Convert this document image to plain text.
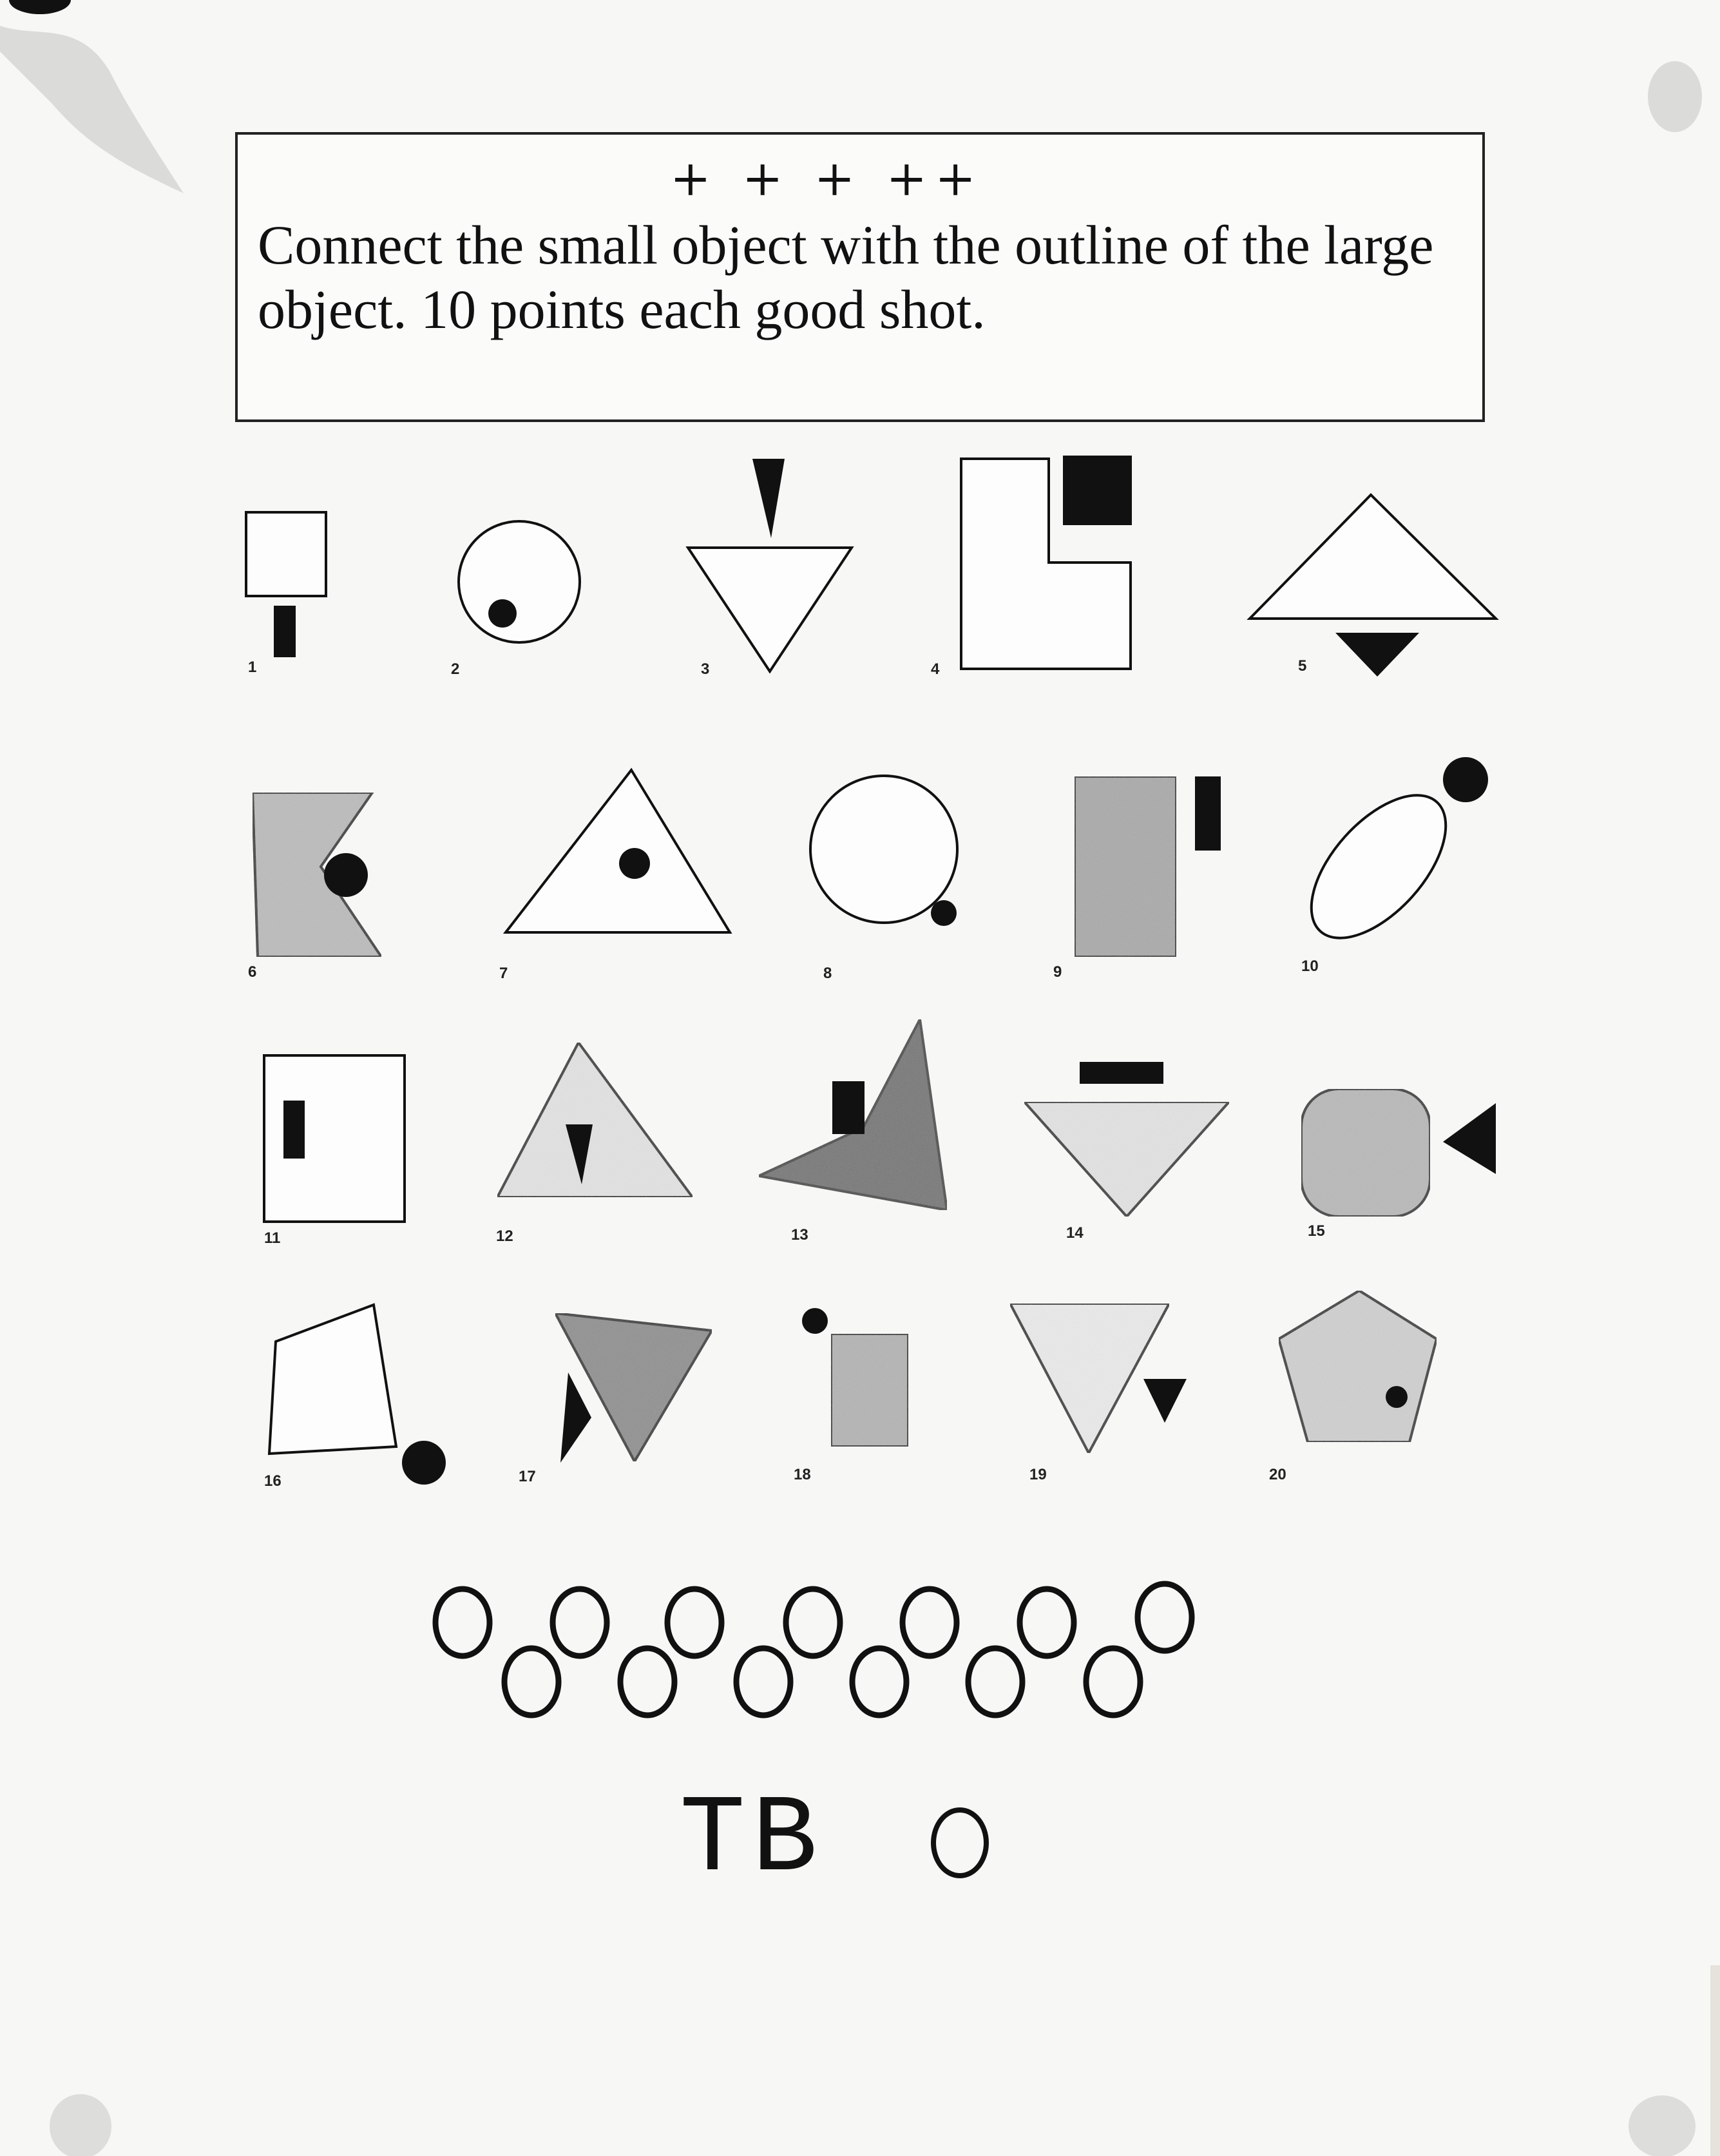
+ + + ++
Connect the small object with the outline of the large object. 10 points each good shot.
1	2	3	4	5
6	7	8	9	10
11	12	13	14	15
16	17	18	19	20
TB
